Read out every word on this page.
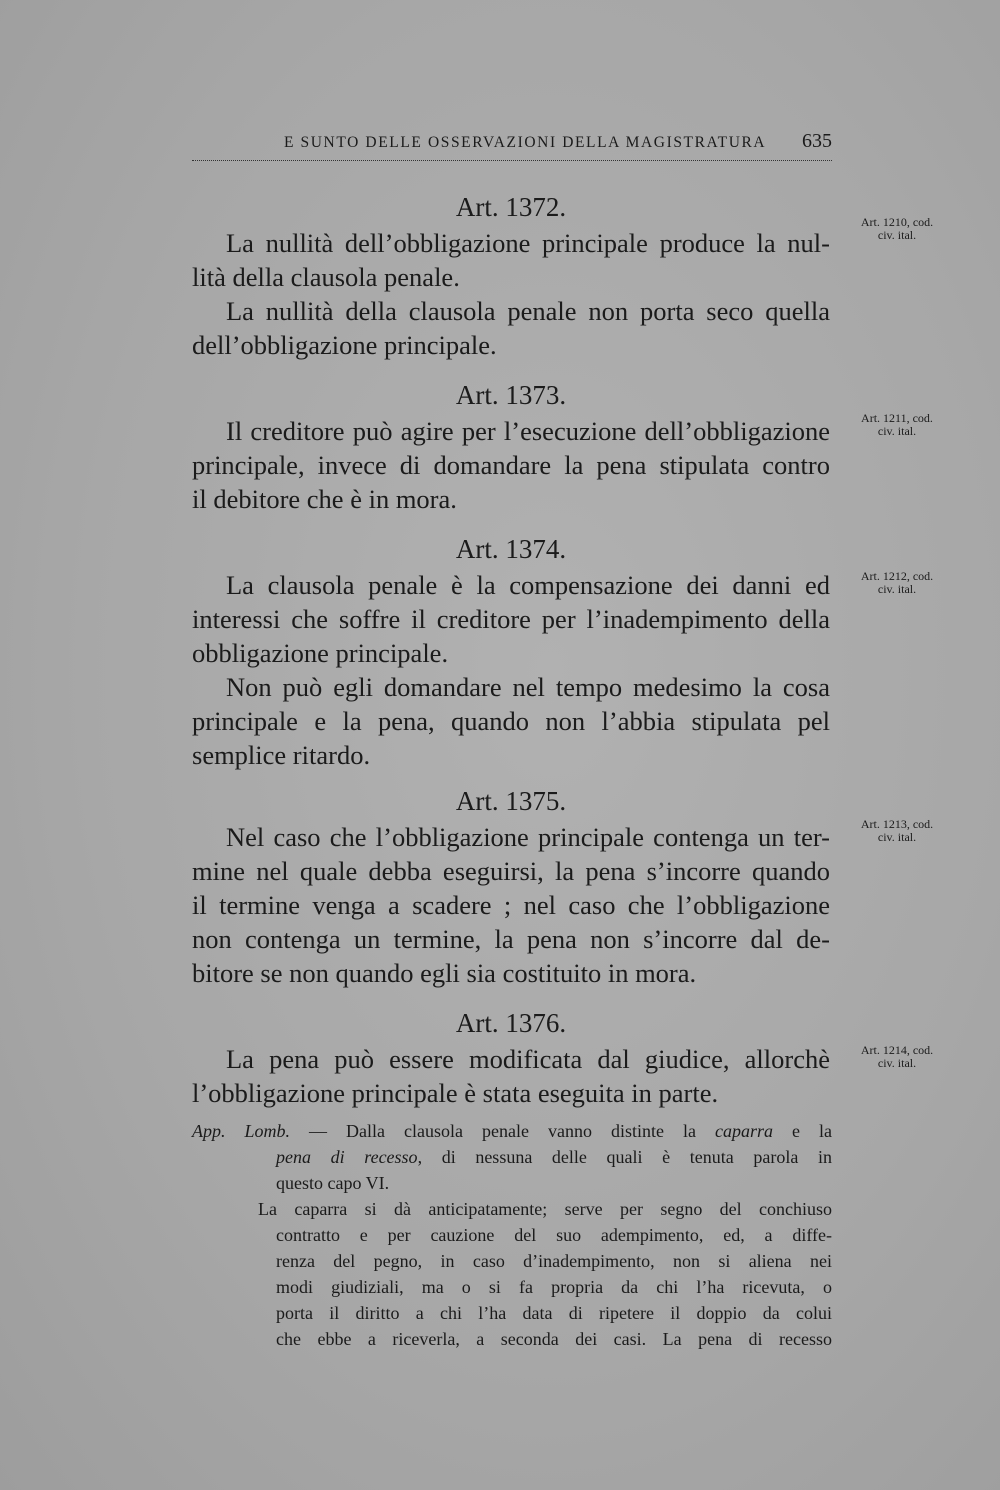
E SUNTO DELLE OSSERVAZIONI DELLA MAGISTRATURA 635
Art. 1372.
La nullità dell’obbligazione principale produce la nul-
lità della clausola penale.
La nullità della clausola penale non porta seco quella
dell’obbligazione principale.
Art. 1210, cod.
civ. ital.
Art. 1373.
Il creditore può agire per l’esecuzione dell’obbligazione
principale, invece di domandare la pena stipulata contro
il debitore che è in mora.
Art. 1211, cod.
civ. ital.
Art. 1374.
La clausola penale è la compensazione dei danni ed
interessi che soffre il creditore per l’inadempimento della
obbligazione principale.
Non può egli domandare nel tempo medesimo la cosa
principale e la pena, quando non l’abbia stipulata pel
semplice ritardo.
Art. 1212, cod.
civ. ital.
Art. 1375.
Nel caso che l’obbligazione principale contenga un ter-
mine nel quale debba eseguirsi, la pena s’incorre quando
il termine venga a scadere ; nel caso che l’obbligazione
non contenga un termine, la pena non s’incorre dal de-
bitore se non quando egli sia costituito in mora.
Art. 1213, cod.
civ. ital.
Art. 1376.
La pena può essere modificata dal giudice, allorchè
l’obbligazione principale è stata eseguita in parte.
Art. 1214, cod.
civ. ital.
App. Lomb. — Dalla clausola penale vanno distinte la caparra e la
pena di recesso, di nessuna delle quali è tenuta parola in
questo capo VI.
La caparra si dà anticipatamente; serve per segno del conchiuso
contratto e per cauzione del suo adempimento, ed, a diffe-
renza del pegno, in caso d’inadempimento, non si aliena nei
modi giudiziali, ma o si fa propria da chi l’ha ricevuta, o
porta il diritto a chi l’ha data di ripetere il doppio da colui
che ebbe a riceverla, a seconda dei casi. La pena di recesso
